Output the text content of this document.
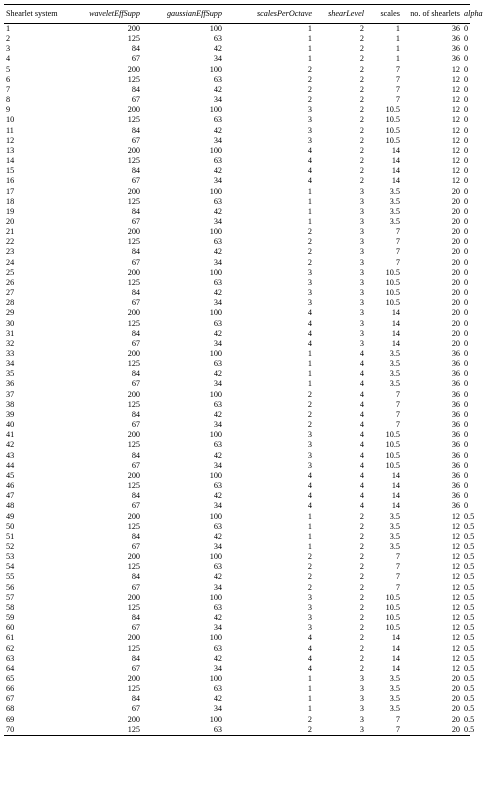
Shearlet system	waveletEffSupp	gaussianEffSupp	scalesPerOctave	shearLevel	scales	no. of shearlets	alpha
1	200	100	1	2	1	36	0
2	125	63	1	2	1	36	0
3	84	42	1	2	1	36	0
4	67	34	1	2	1	36	0
5	200	100	2	2	7	12	0
6	125	63	2	2	7	12	0
7	84	42	2	2	7	12	0
8	67	34	2	2	7	12	0
9	200	100	3	2	10.5	12	0
10	125	63	3	2	10.5	12	0
11	84	42	3	2	10.5	12	0
12	67	34	3	2	10.5	12	0
13	200	100	4	2	14	12	0
14	125	63	4	2	14	12	0
15	84	42	4	2	14	12	0
16	67	34	4	2	14	12	0
17	200	100	1	3	3.5	20	0
18	125	63	1	3	3.5	20	0
19	84	42	1	3	3.5	20	0
20	67	34	1	3	3.5	20	0
21	200	100	2	3	7	20	0
22	125	63	2	3	7	20	0
23	84	42	2	3	7	20	0
24	67	34	2	3	7	20	0
25	200	100	3	3	10.5	20	0
26	125	63	3	3	10.5	20	0
27	84	42	3	3	10.5	20	0
28	67	34	3	3	10.5	20	0
29	200	100	4	3	14	20	0
30	125	63	4	3	14	20	0
31	84	42	4	3	14	20	0
32	67	34	4	3	14	20	0
33	200	100	1	4	3.5	36	0
34	125	63	1	4	3.5	36	0
35	84	42	1	4	3.5	36	0
36	67	34	1	4	3.5	36	0
37	200	100	2	4	7	36	0
38	125	63	2	4	7	36	0
39	84	42	2	4	7	36	0
40	67	34	2	4	7	36	0
41	200	100	3	4	10.5	36	0
42	125	63	3	4	10.5	36	0
43	84	42	3	4	10.5	36	0
44	67	34	3	4	10.5	36	0
45	200	100	4	4	14	36	0
46	125	63	4	4	14	36	0
47	84	42	4	4	14	36	0
48	67	34	4	4	14	36	0
49	200	100	1	2	3.5	12	0.5
50	125	63	1	2	3.5	12	0.5
51	84	42	1	2	3.5	12	0.5
52	67	34	1	2	3.5	12	0.5
53	200	100	2	2	7	12	0.5
54	125	63	2	2	7	12	0.5
55	84	42	2	2	7	12	0.5
56	67	34	2	2	7	12	0.5
57	200	100	3	2	10.5	12	0.5
58	125	63	3	2	10.5	12	0.5
59	84	42	3	2	10.5	12	0.5
60	67	34	3	2	10.5	12	0.5
61	200	100	4	2	14	12	0.5
62	125	63	4	2	14	12	0.5
63	84	42	4	2	14	12	0.5
64	67	34	4	2	14	12	0.5
65	200	100	1	3	3.5	20	0.5
66	125	63	1	3	3.5	20	0.5
67	84	42	1	3	3.5	20	0.5
68	67	34	1	3	3.5	20	0.5
69	200	100	2	3	7	20	0.5
70	125	63	2	3	7	20	0.5
